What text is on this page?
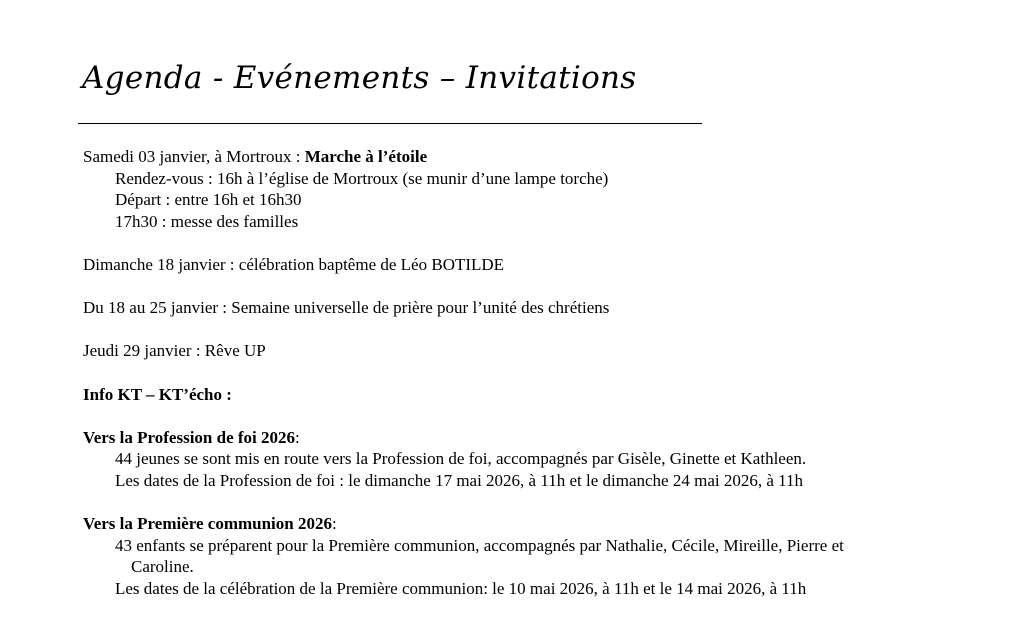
Agenda - Evénements – Invitations
Samedi 03 janvier, à Mortroux : Marche à l’étoile
Rendez-vous : 16h à l’église de Mortroux (se munir d’une lampe torche)
Départ : entre 16h et 16h30
17h30 : messe des familles
Dimanche 18 janvier : célébration baptême de Léo BOTILDE
Du 18 au 25 janvier : Semaine universelle de prière pour l’unité des chrétiens
Jeudi 29 janvier : Rêve UP
Info KT – KT’écho :
Vers la Profession de foi 2026:
44 jeunes se sont mis en route vers la Profession de foi, accompagnés par Gisèle, Ginette et Kathleen.
Les dates de la Profession de foi : le dimanche 17 mai 2026, à 11h et le dimanche 24 mai 2026, à 11h
Vers la Première communion 2026:
43 enfants se préparent pour la Première communion, accompagnés par Nathalie, Cécile, Mireille, Pierre et
Caroline.
Les dates de la célébration de la Première communion: le 10 mai 2026, à 11h et le 14 mai 2026, à 11h
